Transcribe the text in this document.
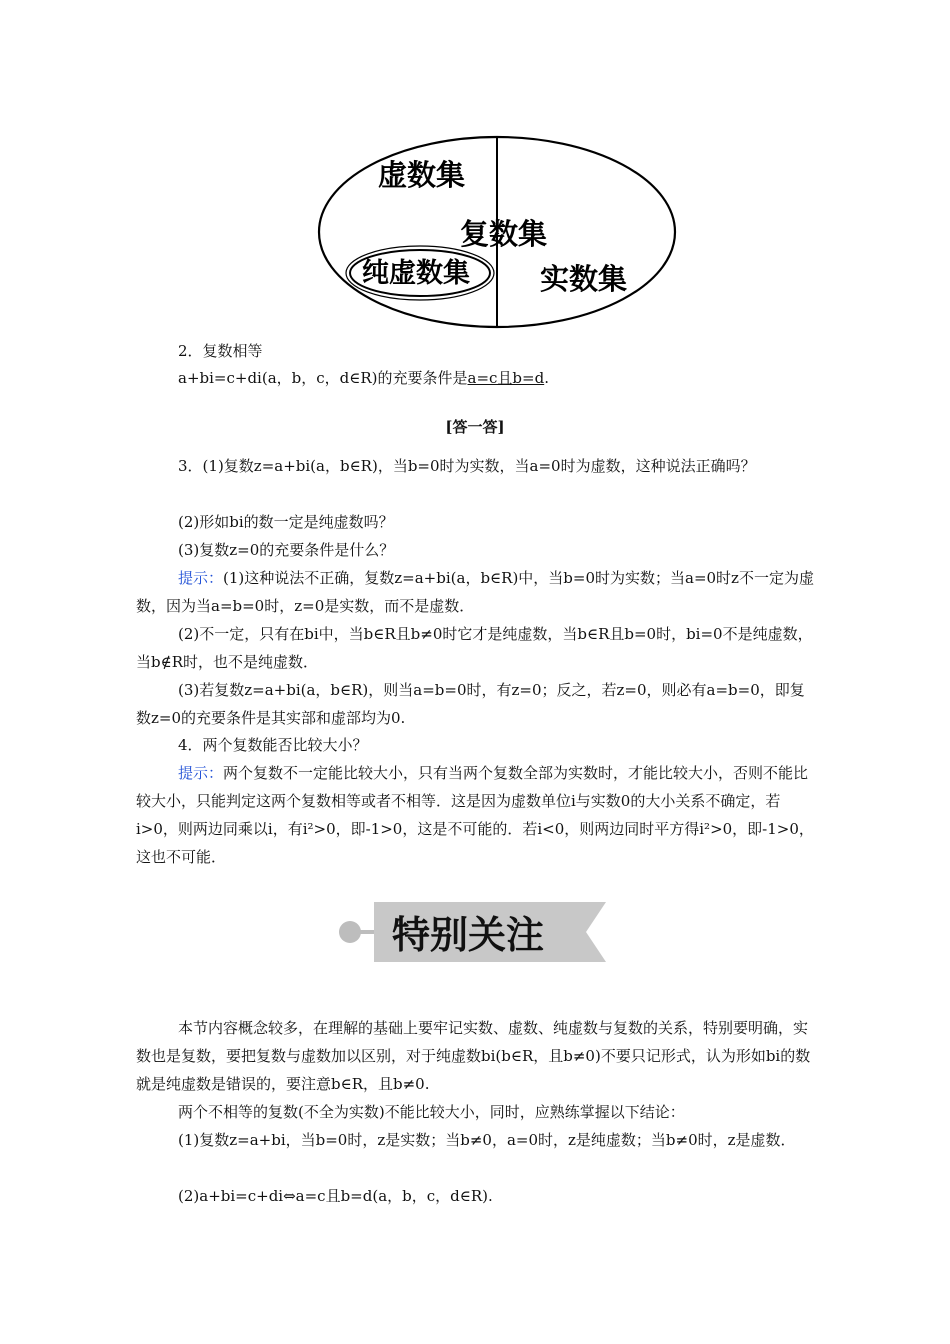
虚数集
复数集
纯虚数集 实数集

2．复数相等

a+bi=c+di(a，b，c，d∈R)的充要条件是a=c且b=d.

[答一答]

3．(1)复数z=a+bi(a，b∈R)，当b=0时为实数，当a=0时为虚数，这种说法正确吗？

(2)形如bi的数一定是纯虚数吗？

(3)复数z=0的充要条件是什么？

提示：(1)这种说法不正确，复数z=a+bi(a，b∈R)中，当b=0时为实数；当a=0时z不一定为虚数，因为当a=b=0时，z=0是实数，而不是虚数．

(2)不一定，只有在bi中，当b∈R且b≠0时它才是纯虚数，当b∈R且b=0时，bi=0不是纯虚数，当b∉R时，也不是纯虚数．

(3)若复数z=a+bi(a，b∈R)，则当a=b=0时，有z=0；反之，若z=0，则必有a=b=0，即复数z=0的充要条件是其实部和虚部均为0.

4．两个复数能否比较大小？

提示：两个复数不一定能比较大小，只有当两个复数全部为实数时，才能比较大小，否则不能比较大小，只能判定这两个复数相等或者不相等．这是因为虚数单位i与实数0的大小关系不确定，若i>0，则两边同乘以i，有i²>0，即-1>0，这是不可能的．若i<0，则两边同时平方得i²>0，即-1>0，这也不可能．

特别关注

本节内容概念较多，在理解的基础上要牢记实数、虚数、纯虚数与复数的关系，特别要明确，实数也是复数，要把复数与虚数加以区别，对于纯虚数bi(b∈R，且b≠0)不要只记形式，认为形如bi的数就是纯虚数是错误的，要注意b∈R，且b≠0.

两个不相等的复数(不全为实数)不能比较大小，同时，应熟练掌握以下结论：

(1)复数z=a+bi，当b=0时，z是实数；当b≠0，a=0时，z是纯虚数；当b≠0时，z是虚数．

(2)a+bi=c+di⇔a=c且b=d(a，b，c，d∈R).
